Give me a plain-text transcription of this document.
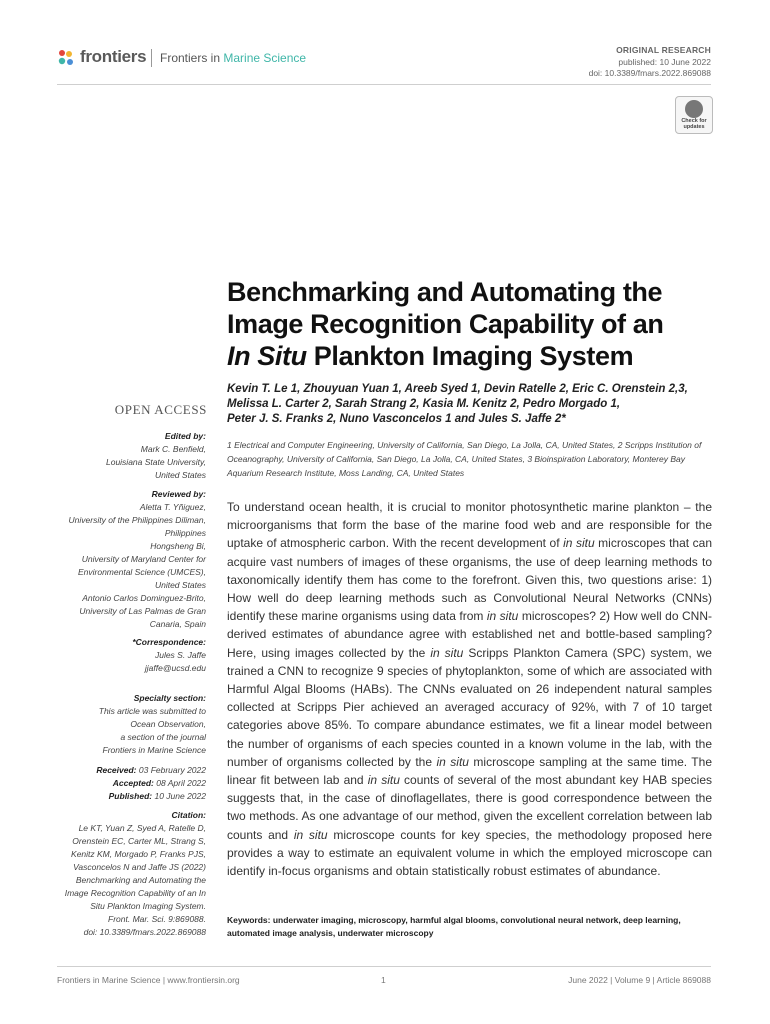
frontiers Frontiers in Marine Science
ORIGINAL RESEARCH
published: 10 June 2022
doi: 10.3389/fmars.2022.869088
Check for updates
Benchmarking and Automating the
Image Recognition Capability of an
In Situ Plankton Imaging System
Kevin T. Le 1, Zhouyuan Yuan 1, Areeb Syed 1, Devin Ratelle 2, Eric C. Orenstein 2,3,
Melissa L. Carter 2, Sarah Strang 2, Kasia M. Kenitz 2, Pedro Morgado 1,
Peter J. S. Franks 2, Nuno Vasconcelos 1 and Jules S. Jaffe 2*
1 Electrical and Computer Engineering, University of California, San Diego, La Jolla, CA, United States, 2 Scripps Institution of
Oceanography, University of California, San Diego, La Jolla, CA, United States, 3 Bioinspiration Laboratory, Monterey Bay
Aquarium Research Institute, Moss Landing, CA, United States
OPEN ACCESS
Edited by:
Mark C. Benfield,
Louisiana State University,
United States
Reviewed by:
Aletta T. Yñiguez,
University of the Philippines Diliman,
Philippines
Hongsheng Bi,
University of Maryland Center for
Environmental Science (UMCES),
United States
Antonio Carlos Dominguez-Brito,
University of Las Palmas de Gran
Canaria, Spain
*Correspondence:
Jules S. Jaffe
jjaffe@ucsd.edu
Specialty section:
This article was submitted to
Ocean Observation,
a section of the journal
Frontiers in Marine Science
Received: 03 February 2022
Accepted: 08 April 2022
Published: 10 June 2022
Citation:
Le KT, Yuan Z, Syed A, Ratelle D,
Orenstein EC, Carter ML, Strang S,
Kenitz KM, Morgado P, Franks PJS,
Vasconcelos N and Jaffe JS (2022)
Benchmarking and Automating the
Image Recognition Capability of an In
Situ Plankton Imaging System.
Front. Mar. Sci. 9:869088.
doi: 10.3389/fmars.2022.869088
To understand ocean health, it is crucial to monitor photosynthetic marine plankton – the microorganisms that form the base of the marine food web and are responsible for the uptake of atmospheric carbon. With the recent development of in situ microscopes that can acquire vast numbers of images of these organisms, the use of deep learning methods to taxonomically identify them has come to the forefront. Given this, two questions arise: 1) How well do deep learning methods such as Convolutional Neural Networks (CNNs) identify these marine organisms using data from in situ microscopes? 2) How well do CNN-derived estimates of abundance agree with established net and bottle-based sampling? Here, using images collected by the in situ Scripps Plankton Camera (SPC) system, we trained a CNN to recognize 9 species of phytoplankton, some of which are associated with Harmful Algal Blooms (HABs). The CNNs evaluated on 26 independent natural samples collected at Scripps Pier achieved an averaged accuracy of 92%, with 7 of 10 target categories above 85%. To compare abundance estimates, we fit a linear model between the number of organisms of each species counted in a known volume in the lab, with the number of organisms collected by the in situ microscope sampling at the same time. The linear fit between lab and in situ counts of several of the most abundant key HAB species suggests that, in the case of dinoflagellates, there is good correspondence between the two methods. As one advantage of our method, given the excellent correlation between lab counts and in situ microscope counts for key species, the methodology proposed here provides a way to estimate an equivalent volume in which the employed microscope can identify in-focus organisms and obtain statistically robust estimates of abundance.
Keywords: underwater imaging, microscopy, harmful algal blooms, convolutional neural network, deep learning, automated image analysis, underwater microscopy
Frontiers in Marine Science | www.frontiersin.org	1	June 2022 | Volume 9 | Article 869088
